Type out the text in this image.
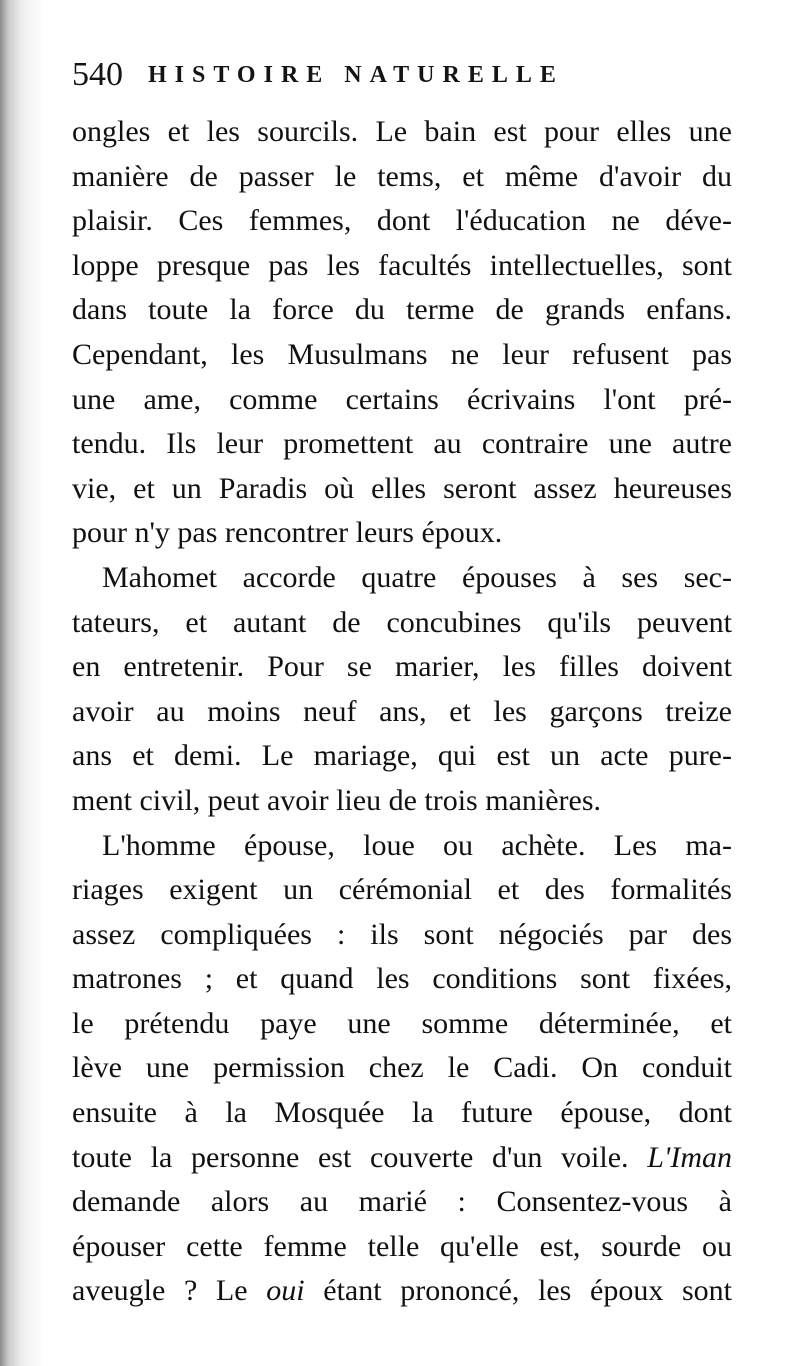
540 HISTOIRE NATURELLE
ongles et les sourcils. Le bain est pour elles une
manière de passer le tems, et même d'avoir du
plaisir. Ces femmes, dont l'éducation ne déve-
loppe presque pas les facultés intellectuelles, sont
dans toute la force du terme de grands enfans.
Cependant, les Musulmans ne leur refusent pas
une ame, comme certains écrivains l'ont pré-
tendu. Ils leur promettent au contraire une autre
vie, et un Paradis où elles seront assez heureuses
pour n'y pas rencontrer leurs époux.
Mahomet accorde quatre épouses à ses sec-
tateurs, et autant de concubines qu'ils peuvent
en entretenir. Pour se marier, les filles doivent
avoir au moins neuf ans, et les garçons treize
ans et demi. Le mariage, qui est un acte pure-
ment civil, peut avoir lieu de trois manières.
L'homme épouse, loue ou achète. Les ma-
riages exigent un cérémonial et des formalités
assez compliquées : ils sont négociés par des
matrones ; et quand les conditions sont fixées,
le prétendu paye une somme déterminée, et
lève une permission chez le Cadi. On conduit
ensuite à la Mosquée la future épouse, dont
toute la personne est couverte d'un voile. L'Iman
demande alors au marié : Consentez-vous à
épouser cette femme telle qu'elle est, sourde ou
aveugle ? Le oui étant prononcé, les époux sont
